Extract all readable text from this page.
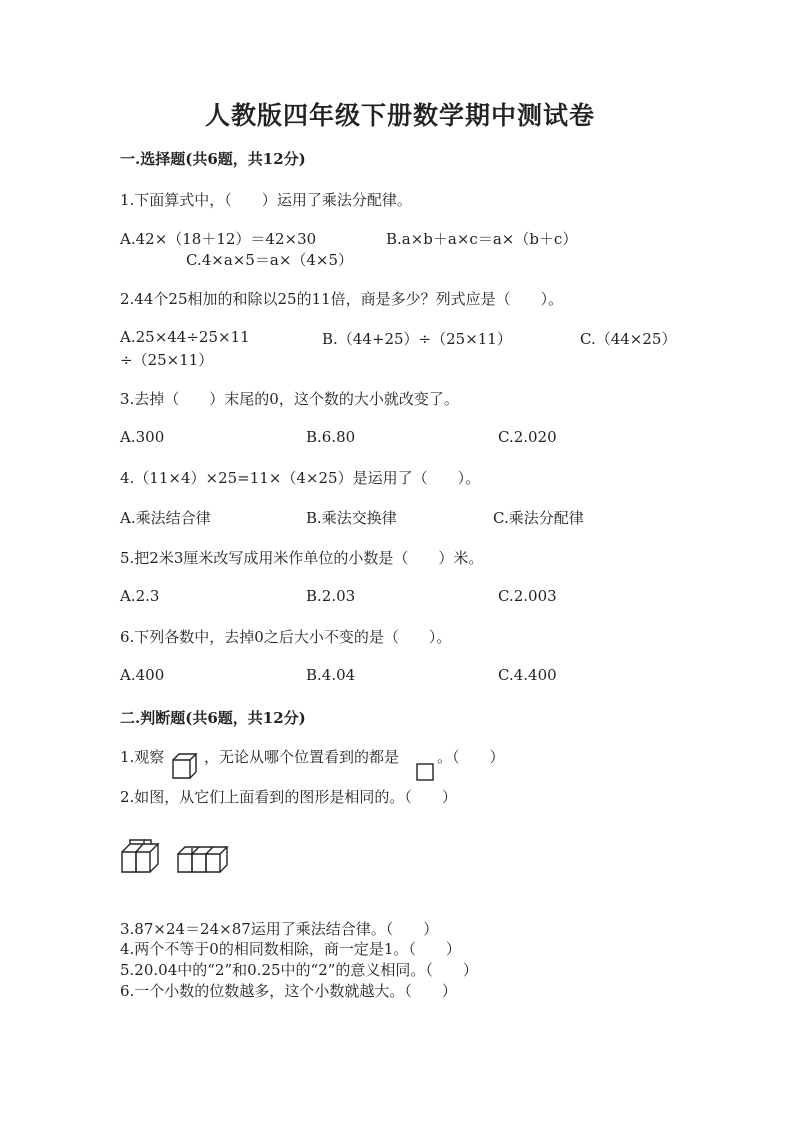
人教版四年级下册数学期中测试卷
一.选择题(共6题，共12分)
1.下面算式中，（　　）运用了乘法分配律。
A.42×（18＋12）＝42×30	B.a×b＋a×c＝a×（b＋c）
C.4×a×5＝a×（4×5）
2.44个25相加的和除以25的11倍，商是多少？列式应是（　　）。
A.25×44÷25×11	B.（44+25）÷（25×11）	C.（44×25）
÷（25×11）
3.去掉（　　）末尾的0，这个数的大小就改变了。
A.300	B.6.80	C.2.020
4.（11×4）×25=11×（4×25）是运用了（　　）。
A.乘法结合律	B.乘法交换律	C.乘法分配律
5.把2米3厘米改写成用米作单位的小数是（　　）米。
A.2.3	B.2.03	C.2.003
6.下列各数中，去掉0之后大小不变的是（　　）。
A.400	B.4.04	C.4.400
二.判断题(共6题，共12分)
1.观察	，无论从哪个位置看到的都是	。（　　）
2.如图，从它们上面看到的图形是相同的。（　　）
3.87×24＝24×87运用了乘法结合律。（　　）
4.两个不等于0的相同数相除，商一定是1。（　　）
5.20.04中的“2”和0.25中的“2”的意义相同。（　　）
6.一个小数的位数越多，这个小数就越大。（　　）
